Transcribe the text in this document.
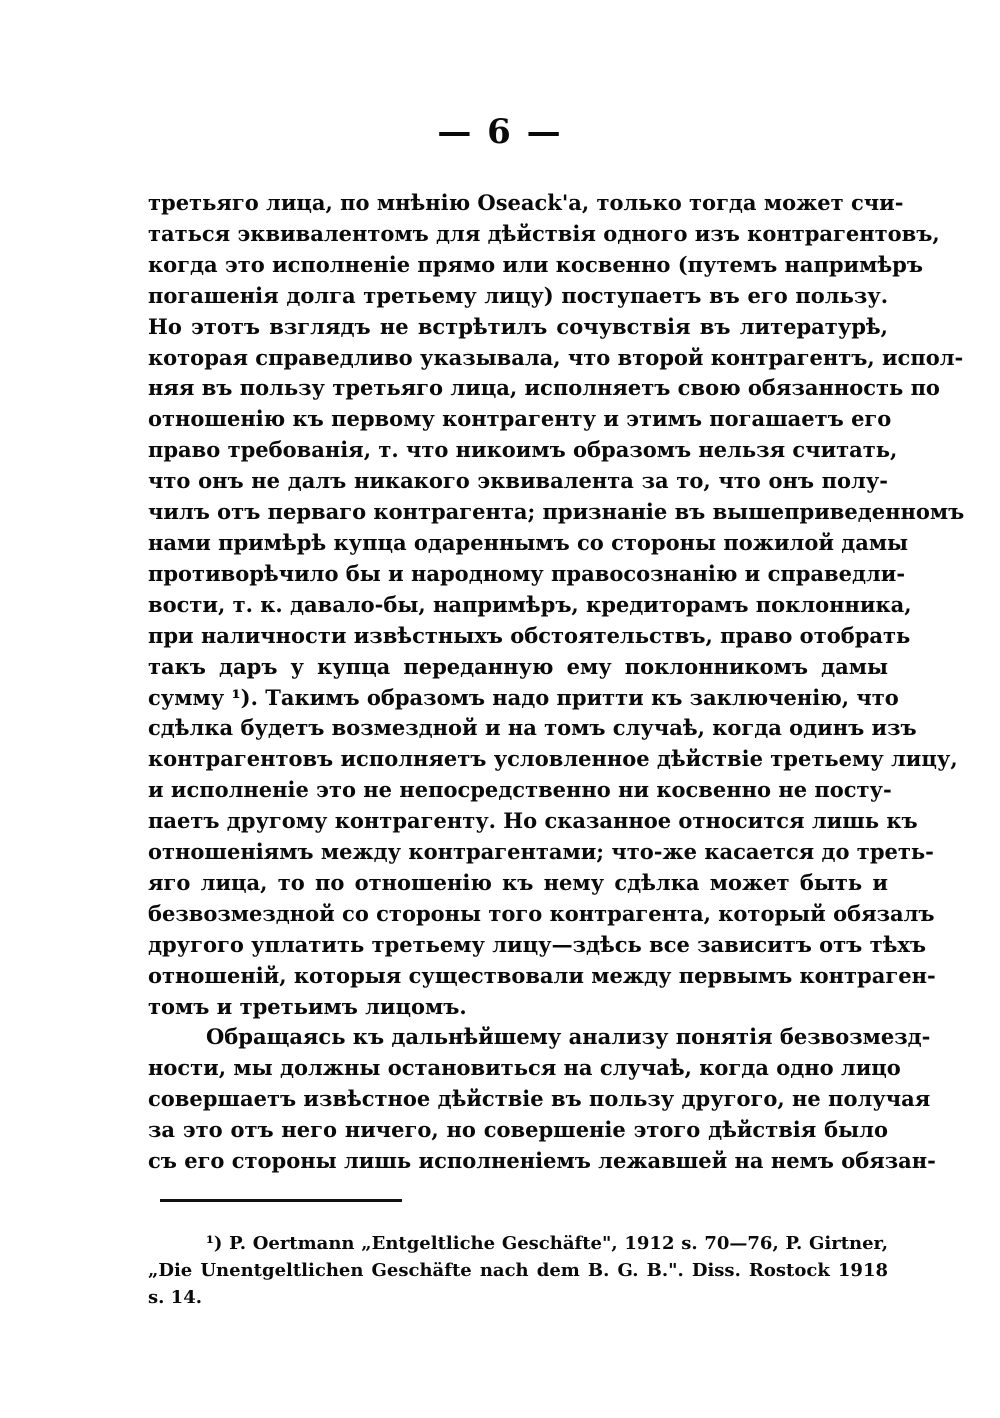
— 6 —

третьяго лица, по мнѣнію Oseack'a, только тогда может счи-

таться эквивалентомъ для дѣйствія одного изъ контрагентовъ,

когда это исполненіе прямо или косвенно (путемъ напримѣръ

погашенія долга третьему лицу) поступаетъ въ его пользу.

Но этотъ взглядъ не встрѣтилъ сочувствія въ литературѣ,

которая справедливо указывала, что второй контрагентъ, испол-

няя въ пользу третьяго лица, исполняетъ свою обязанность по

отношенію къ первому контрагенту и этимъ погашаетъ его

право требованія, т. что никоимъ образомъ нельзя считать,

что онъ не далъ никакого эквивалента за то, что онъ полу-

чилъ отъ перваго контрагента; признаніе въ вышеприведенномъ

нами примѣрѣ купца одареннымъ со стороны пожилой дамы

противорѣчило бы и народному правосознанію и справедли-

вости, т. к. давало-бы, напримѣръ, кредиторамъ поклонника,

при наличности извѣстныхъ обстоятельствъ, право отобрать

такъ даръ у купца переданную ему поклонникомъ дамы

сумму ¹). Такимъ образомъ надо притти къ заключенію, что

сдѣлка будетъ возмездной и на томъ случаѣ, когда одинъ изъ

контрагентовъ исполняетъ условленное дѣйствіе третьему лицу,

и исполненіе это не непосредственно ни косвенно не посту-

паетъ другому контрагенту. Но сказанное относится лишь къ

отношеніямъ между контрагентами; что-же касается до треть-

яго лица, то по отношенію къ нему сдѣлка может быть и

безвозмездной со стороны того контрагента, который обязалъ

другого уплатить третьему лицу—здѣсь все зависитъ отъ тѣхъ

отношеній, которыя существовали между первымъ контраген-

томъ и третьимъ лицомъ.

Обращаясь къ дальнѣйшему анализу понятія безвозмезд-

ности, мы должны остановиться на случаѣ, когда одно лицо

совершаетъ извѣстное дѣйствіе въ пользу другого, не получая

за это отъ него ничего, но совершеніе этого дѣйствія было

съ его стороны лишь исполненіемъ лежавшей на немъ обязан-

¹) P. Oertmann „Entgeltliche Geschäfte", 1912 s. 70—76, P. Girtner,

„Die Unentgeltlichen Geschäfte nach dem B. G. B.". Diss. Rostock 1918

s. 14.
